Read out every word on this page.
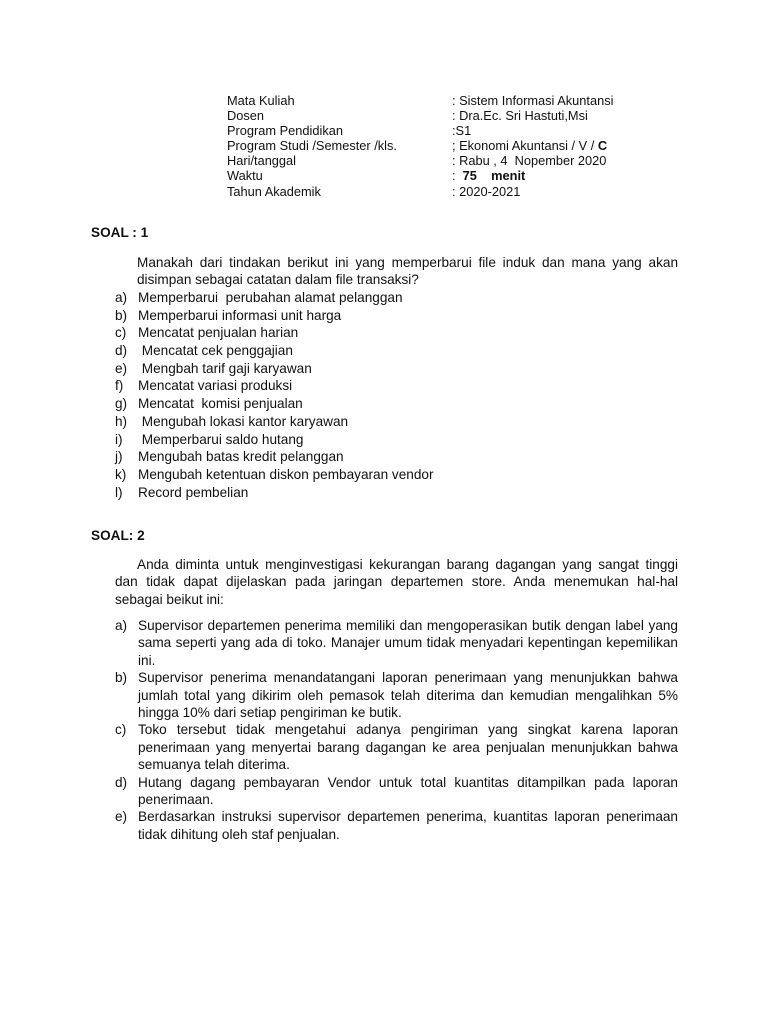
Mata Kuliah	: Sistem Informasi Akuntansi
Dosen	: Dra.Ec. Sri Hastuti,Msi
Program Pendidikan	:S1
Program Studi /Semester /kls.	; Ekonomi Akuntansi / V / C
Hari/tanggal	: Rabu , 4  Nopember 2020
Waktu	:  75    menit
Tahun Akademik	: 2020-2021
SOAL : 1

Manakah dari tindakan berikut ini yang memperbarui file induk dan mana yang akan disimpan sebagai catatan dalam file transaksi?

a) Memperbarui  perubahan alamat pelanggan
b) Memperbarui informasi unit harga
c) Mencatat penjualan harian
d) Mencatat cek penggajian
e) Mengbah tarif gaji karyawan
f)	Mencatat variasi produksi
g) Mencatat  komisi penjualan
h) Mengubah lokasi kantor karyawan
i)	Memperbarui saldo hutang
j)	Mengubah batas kredit pelanggan
k) Mengubah ketentuan diskon pembayaran vendor
l)	Record pembelian
SOAL: 2

Anda diminta untuk menginvestigasi kekurangan barang dagangan yang sangat tinggi dan tidak dapat dijelaskan pada jaringan departemen store. Anda menemukan hal-hal sebagai beikut ini:

a) Supervisor departemen penerima memiliki dan mengoperasikan butik dengan label yang sama seperti yang ada di toko. Manajer umum tidak menyadari kepentingan kepemilikan ini.
b) Supervisor penerima menandatangani laporan penerimaan yang menunjukkan bahwa jumlah total yang dikirim oleh pemasok telah diterima dan kemudian mengalihkan 5% hingga 10% dari setiap pengiriman ke butik.
c) Toko tersebut tidak mengetahui adanya pengiriman yang singkat karena laporan penerimaan yang menyertai barang dagangan ke area penjualan menunjukkan bahwa semuanya telah diterima.
d) Hutang dagang pembayaran Vendor untuk total kuantitas ditampilkan pada laporan penerimaan.
e) Berdasarkan instruksi supervisor departemen penerima, kuantitas laporan penerimaan tidak dihitung oleh staf penjualan.
